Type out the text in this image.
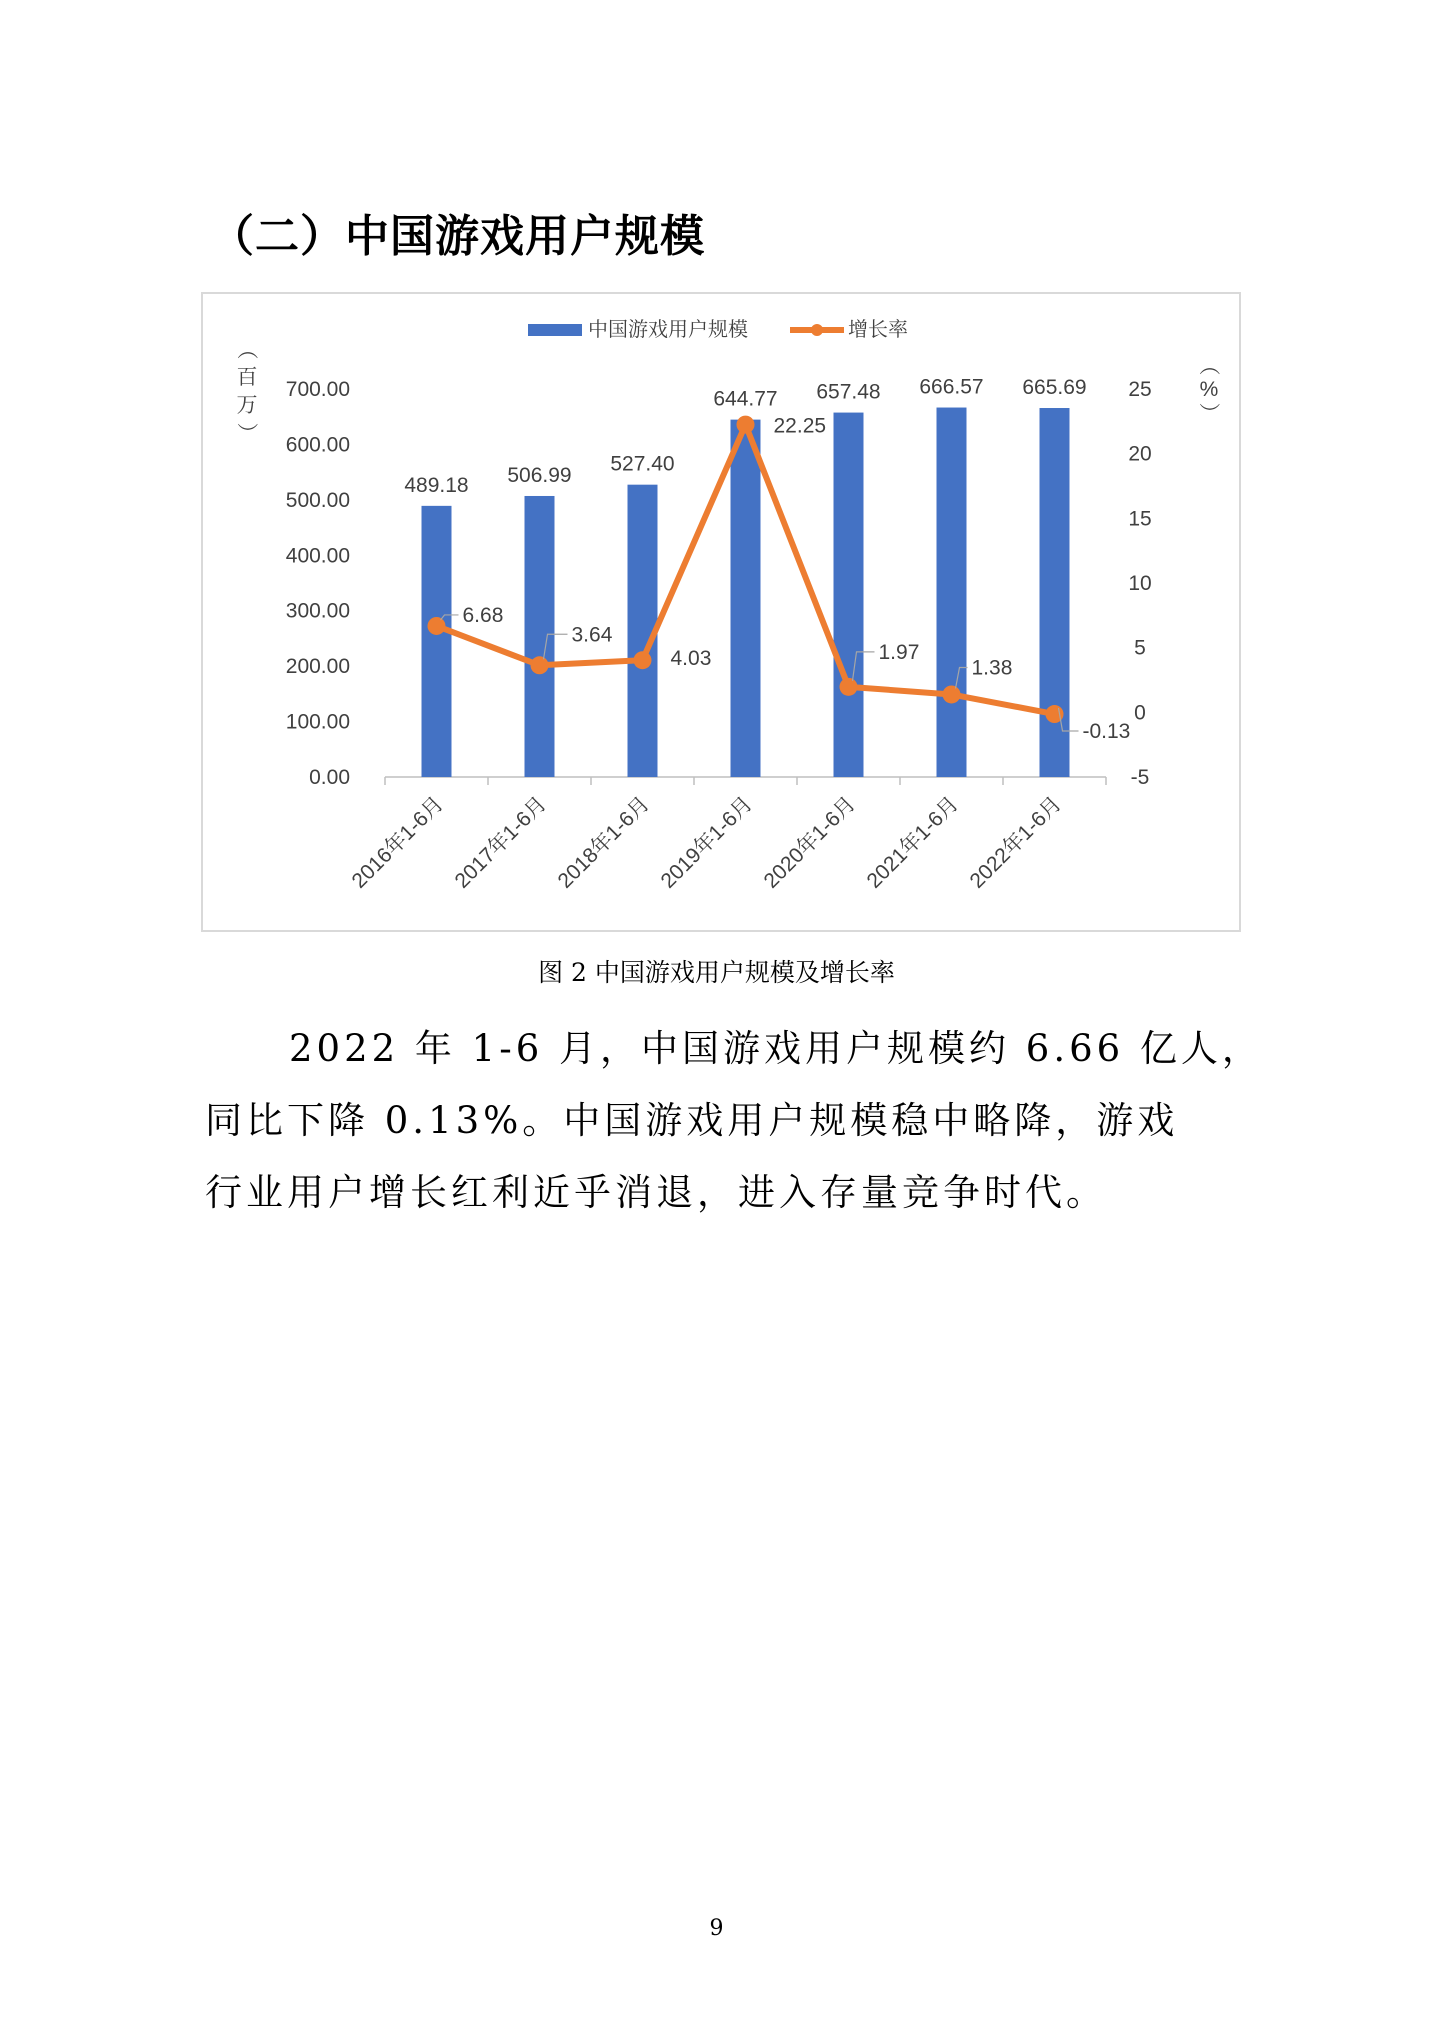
（二）中国游戏用户规模
中国游戏用户规模	增长率
（
百
万
）
（
%
）
0.00
100.00
200.00
300.00
400.00
500.00
600.00
700.00
-5
0
5
10
15
20
25
489.18 506.99 527.40
644.77 657.48 666.57 665.69
6.68
3.64
4.03
22.25
1.97
1.38
-0.13
2016年1-6月 2017年1-6月 2018年1-6月 2019年1-6月 2020年1-6月 2021年1-6月 2022年1-6月
图 2 中国游戏用户规模及增长率
2022 年 1-6 月，中国游戏用户规模约 6.66 亿人，
同比下降 0.13%。中国游戏用户规模稳中略降，游戏
行业用户增长红利近乎消退，进入存量竞争时代。
9
